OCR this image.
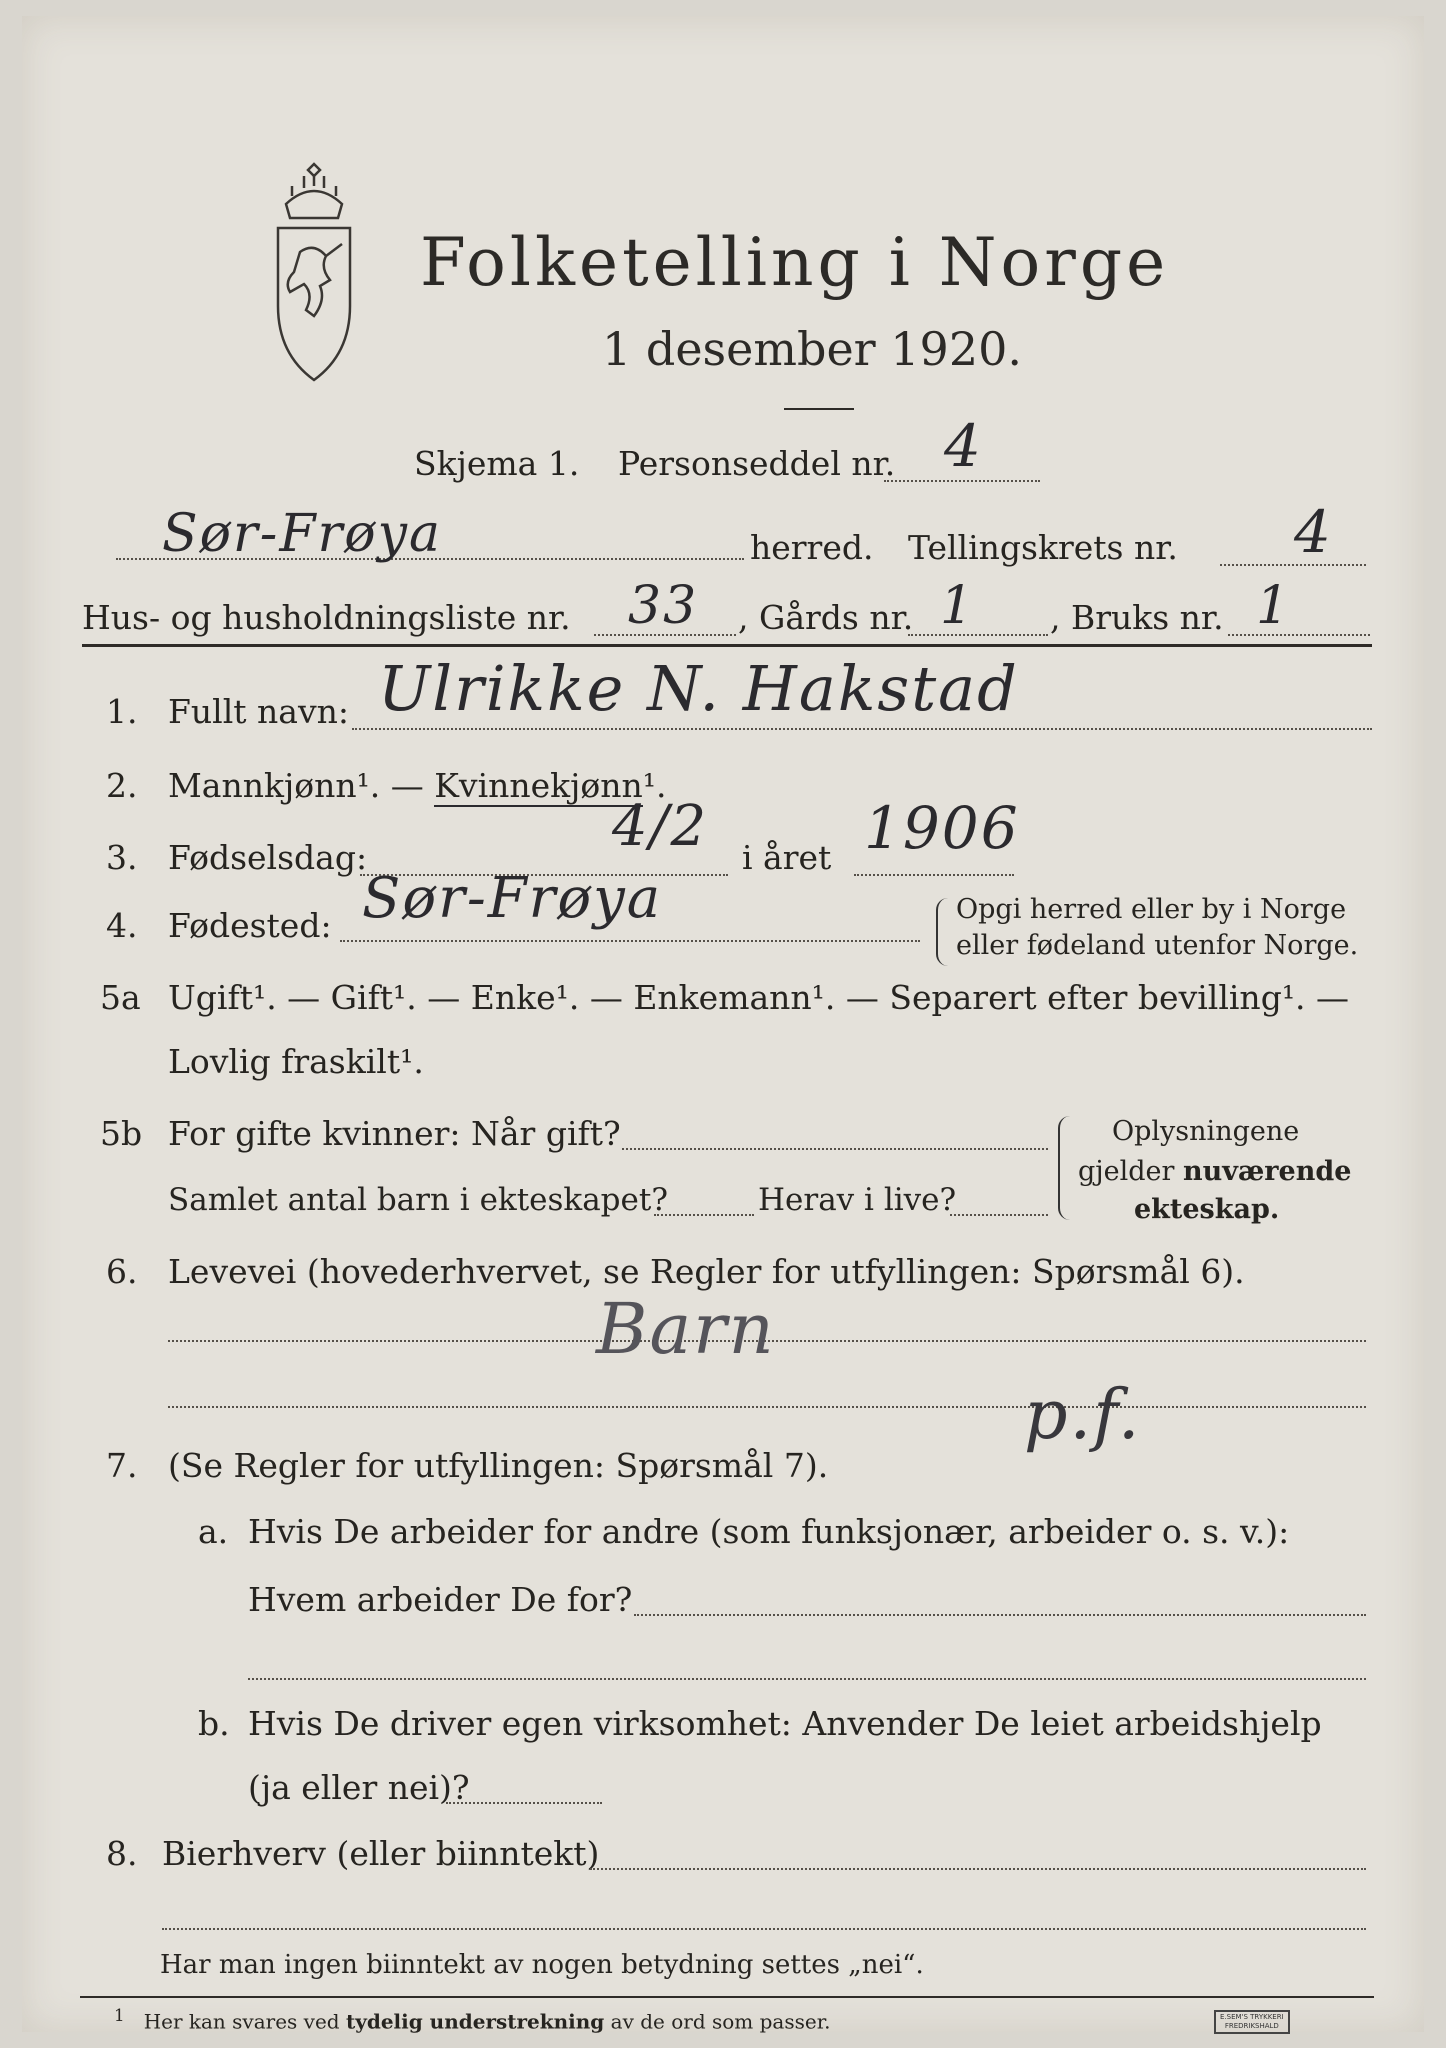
Folketelling i Norge
1 desember 1920.
Skjema 1. Personseddel nr. 4
Sør-Frøya	herred. Tellingskrets nr. 4
Hus- og husholdningsliste nr. 33 , Gårds nr. 1 , Bruks nr. 1
1. Fullt navn: Ulrikke N. Hakstad
2. Mannkjønn¹. — Kvinnekjønn¹.
3. Fødselsdag:	4/2 i året 1906
4. Fødested: Sør-Frøya	Opgi herred eller by i Norge
eller fødeland utenfor Norge.
5a Ugift¹. — Gift¹. — Enke¹. — Enkemann¹. — Separert efter bevilling¹. —
Lovlig fraskilt¹.
5b For gifte kvinner: Når gift?
Samlet antal barn i ekteskapet?	Herav i live?
Oplysningene
gjelder nuværende
ekteskap.
6. Levevei (hovederhvervet, se Regler for utfyllingen: Spørsmål 6).
Barn
p.f.
7. (Se Regler for utfyllingen: Spørsmål 7).
a. Hvis De arbeider for andre (som funksjonær, arbeider o. s. v.):
Hvem arbeider De for?
b. Hvis De driver egen virksomhet: Anvender De leiet arbeidshjelp
(ja eller nei)?
8. Bierhverv (eller biinntekt)
Har man ingen biinntekt av nogen betydning settes „nei“.
$^1$ Her kan svares ved tydelig understrekning av de ord som passer.	E.SEM'S TRYKKERI
FREDRIKSHALD
